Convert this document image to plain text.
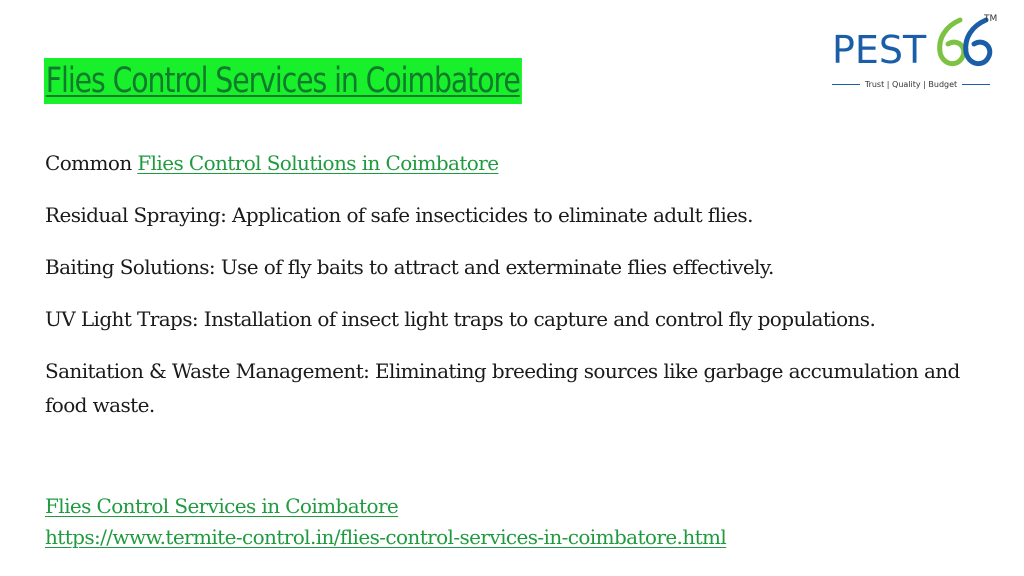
Flies Control Services in Coimbatore
PEST
TM
Trust | Quality | Budget

Common Flies Control Solutions in Coimbatore

Residual Spraying: Application of safe insecticides to eliminate adult flies.

Baiting Solutions: Use of fly baits to attract and exterminate flies effectively.

UV Light Traps: Installation of insect light traps to capture and control fly populations.

Sanitation & Waste Management: Eliminating breeding sources like garbage accumulation and food waste.

Flies Control Services in Coimbatore
https://www.termite-control.in/flies-control-services-in-coimbatore.html
